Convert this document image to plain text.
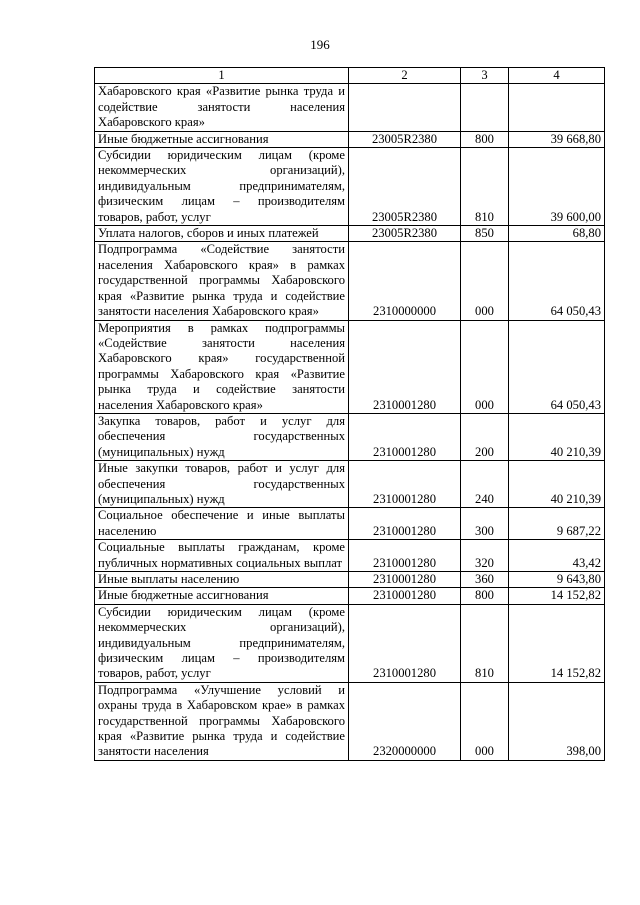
196
1	2	3	4
Хабаровского края «Развитие рынка труда и содействие занятости населения Хабаровского края»			
Иные бюджетные ассигнования	23005R2380	800	39 668,80
Субсидии юридическим лицам (кроме некоммерческих организаций), индивидуальным предпринимателям, физическим лицам – производителям товаров, работ, услуг	23005R2380	810	39 600,00
Уплата налогов, сборов и иных платежей	23005R2380	850	68,80
Подпрограмма «Содействие занятости населения Хабаровского края» в рамках государственной программы Хабаровского края «Развитие рынка труда и содействие занятости населения Хабаровского края»	2310000000	000	64 050,43
Мероприятия в рамках подпрограммы «Содействие занятости населения Хабаровского края» государственной программы Хабаровского края «Развитие рынка труда и содействие занятости населения Хабаровского края»	2310001280	000	64 050,43
Закупка товаров, работ и услуг для обеспечения государственных (муниципальных) нужд	2310001280	200	40 210,39
Иные закупки товаров, работ и услуг для обеспечения государственных (муниципальных) нужд	2310001280	240	40 210,39
Социальное обеспечение и иные выплаты населению	2310001280	300	9 687,22
Социальные выплаты гражданам, кроме публичных нормативных социальных выплат	2310001280	320	43,42
Иные выплаты населению	2310001280	360	9 643,80
Иные бюджетные ассигнования	2310001280	800	14 152,82
Субсидии юридическим лицам (кроме некоммерческих организаций), индивидуальным предпринимателям, физическим лицам – производителям товаров, работ, услуг	2310001280	810	14 152,82
Подпрограмма «Улучшение условий и охраны труда в Хабаровском крае» в рамках государственной программы Хабаровского края «Развитие рынка труда и содействие занятости населения	2320000000	000	398,00
